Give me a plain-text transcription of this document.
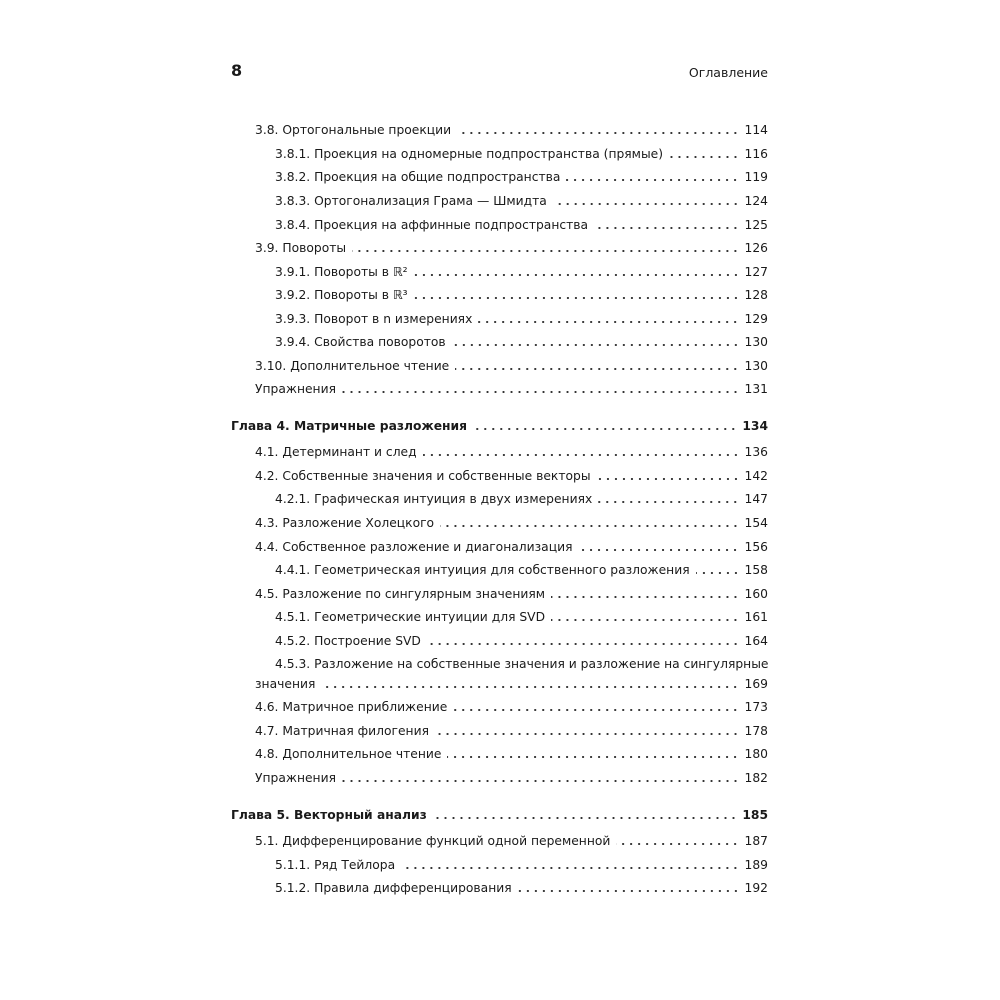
8	Оглавление
3.8. Ортогональные проекции	114
3.8.1. Проекция на одномерные подпространства (прямые)	116
3.8.2. Проекция на общие подпространства	119
3.8.3. Ортогонализация Грама — Шмидта	124
3.8.4. Проекция на аффинные подпространства	125
3.9. Повороты	126
3.9.1. Повороты в ℝ²	127
3.9.2. Повороты в ℝ³	128
3.9.3. Поворот в n измерениях	129
3.9.4. Свойства поворотов	130
3.10. Дополнительное чтение	130
Упражнения	131
Глава 4. Матричные разложения	134
4.1. Детерминант и след	136
4.2. Собственные значения и собственные векторы	142
4.2.1. Графическая интуиция в двух измерениях	147
4.3. Разложение Холецкого	154
4.4. Собственное разложение и диагонализация	156
4.4.1. Геометрическая интуиция для собственного разложения	158
4.5. Разложение по сингулярным значениям	160
4.5.1. Геометрические интуиции для SVD	161
4.5.2. Построение SVD	164
4.5.3. Разложение на собственные значения и разложение на сингулярные
значения	169
4.6. Матричное приближение	173
4.7. Матричная филогения	178
4.8. Дополнительное чтение	180
Упражнения	182
Глава 5. Векторный анализ	185
5.1. Дифференцирование функций одной переменной	187
5.1.1. Ряд Тейлора	189
5.1.2. Правила дифференцирования	192
